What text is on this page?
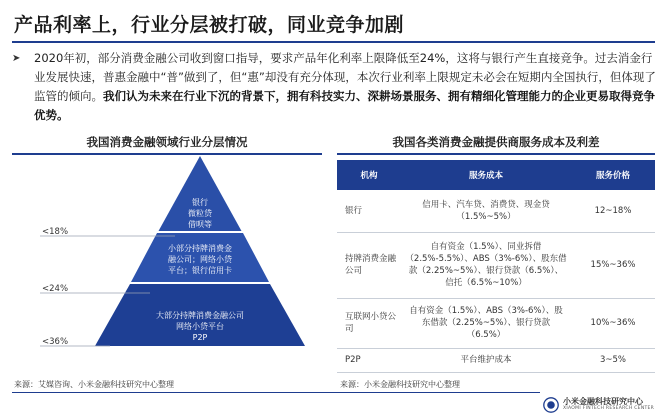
产品利率上，行业分层被打破，同业竞争加剧
➤ 2020年初，部分消费金融公司收到窗口指导，要求产品年化利率上限降低至24%，这将与银行产生直接竞争。过去消金行业发展快速，普惠金融中“普”做到了，但“惠”却没有充分体现，本次行业利率上限规定未必会在短期内全国执行，但体现了监管的倾向。我们认为未来在行业下沉的背景下，拥有科技实力、深耕场景服务、拥有精细化管理能力的企业更易取得竞争优势。
我国消费金融领域行业分层情况
银行
微粒贷
借呗等
小部分持牌消费金
融公司；网络小贷
平台；银行信用卡
大部分持牌消费金融公司
网络小贷平台
P2P
<18%
<24%
<36%
来源：艾媒咨询、小米金融科技研究中心整理
我国各类消费金融提供商服务成本及利差
机构	服务成本	服务价格
银行	信用卡、汽车贷、消费贷、现金贷（1.5%~5%）	12~18%
持牌消费金融公司	自有资金（1.5%）、同业拆借（2.5%-5.5%）、ABS（3%-6%）、股东借款（2.25%~5%）、银行贷款（6.5%）、信托（6.5%~10%）	15%~36%
互联网小贷公司	自有资金（1.5%）、ABS（3%-6%）、股东借款（2.25%~5%）、银行贷款（6.5%）	10%~36%
P2P	平台维护成本	3~5%
来源：小米金融科技研究中心整理
小米金融科技研究中心
XIAOMI FINTECH RESEARCH CENTER
